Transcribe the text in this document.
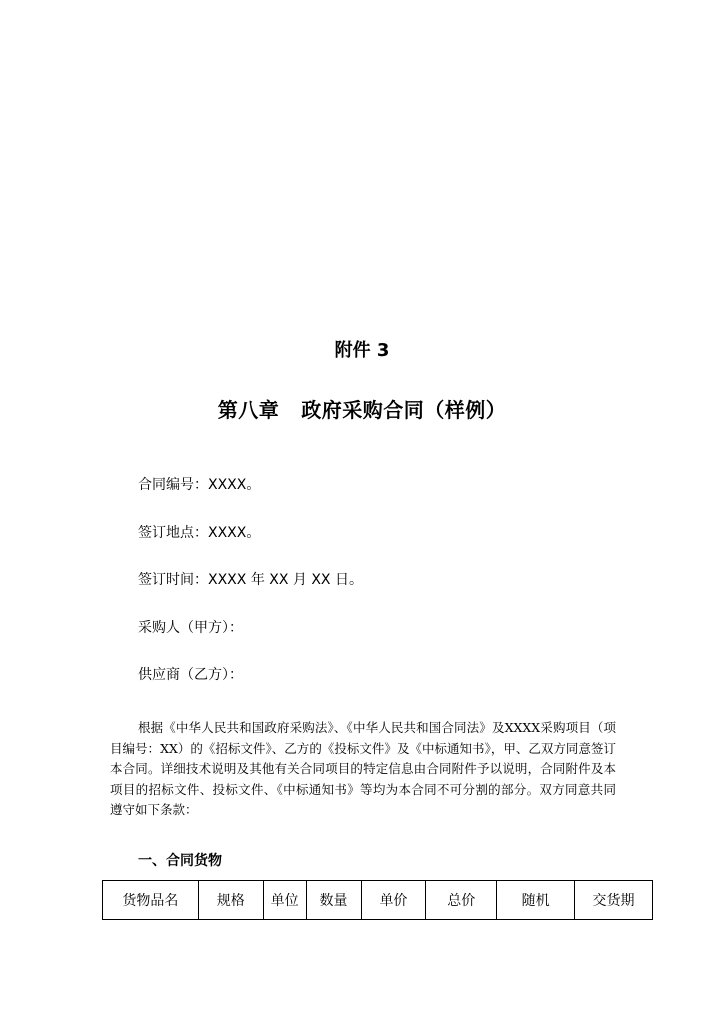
附件 3
第八章 政府采购合同（样例）
合同编号：XXXX。
签订地点：XXXX。
签订时间：XXXX 年 XX 月 XX 日。
采购人（甲方）：
供应商（乙方）：

根据《中华人民共和国政府采购法》、《中华人民共和国合同法》及XXXX采购项目（项目编号：XX）的《招标文件》、乙方的《投标文件》及《中标通知书》，甲、乙双方同意签订本合同。详细技术说明及其他有关合同项目的特定信息由合同附件予以说明，合同附件及本项目的招标文件、投标文件、《中标通知书》等均为本合同不可分割的部分。双方同意共同遵守如下条款：

一、合同货物
货物品名	规格	单位	数量	单价	总价	随机	交货期
